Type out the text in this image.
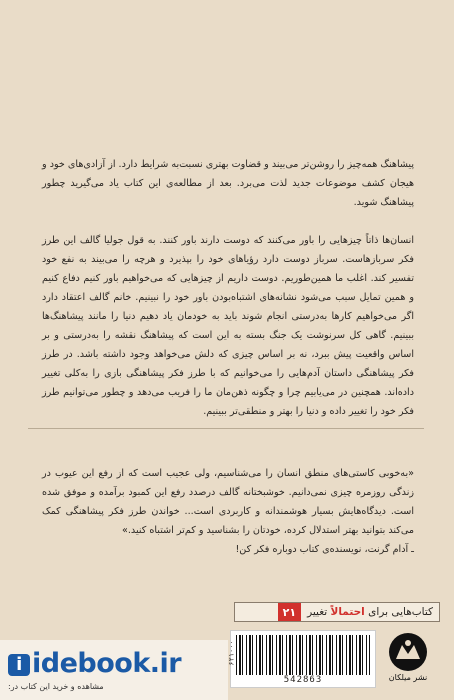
پیشاهنگ همه‌چیز را روشن‌تر می‌بیند و قضاوت بهتری نسبت‌به شرایط دارد. از آزادی‌های خود و هیجان کشف موضوعات جدید لذت می‌برد. بعد از مطالعه‌ی این کتاب یاد می‌گیرید چطور پیشاهنگ شوید.

انسان‌ها ذاتاً چیزهایی را باور می‌کنند که دوست دارند باور کنند. به قول جولیا گالف این طرز فکر سربازهاست. سرباز دوست دارد رؤیاهای خود را بپذیرد و هرچه را می‌بیند به نفع خود تفسیر کند. اغلب ما همین‌طوریم. دوست داریم از چیزهایی که می‌خواهیم باور کنیم دفاع کنیم و همین تمایل سبب می‌شود نشانه‌های اشتباه‌بودن باور خود را نبینیم. خانم گالف اعتقاد دارد اگر می‌خواهیم کارها به‌درستی انجام شوند باید به خودمان یاد دهیم دنیا را مانند پیشاهنگ‌ها ببینیم. گاهی کل سرنوشت یک جنگ بسته به این است که پیشاهنگ نقشه را به‌درستی و بر اساس واقعیت پیش ببرد، نه بر اساس چیزی که دلش می‌خواهد وجود داشته باشد. در طرز فکر پیشاهنگی داستان آدم‌هایی را می‌خوانیم که با طرز فکر پیشاهنگی بازی را به‌کلی تغییر داده‌اند. همچنین در می‌یابیم چرا و چگونه ذهن‌مان ما را فریب می‌دهد و چطور می‌توانیم طرز فکر خود را تغییر داده و دنیا را بهتر و منطقی‌تر ببینیم.

«به‌خوبی کاستی‌های منطق انسان را می‌شناسیم، ولی عجیب است که از رفع این عیوب در زندگی روزمره چیزی نمی‌دانیم. خوشبختانه گالف درصدد رفع این کمبود برآمده و موفق شده است. دیدگاه‌هایش بسیار هوشمندانه و کاربردی است... خواندن طرز فکر پیشاهنگی کمک می‌کند بتوانید بهتر استدلال کرده، خودتان را بشناسید و کم‌تر اشتباه کنید.»

ـ آدام گرنت، نویسنده‌ی کتاب دوباره فکر کن!

کتاب‌هایی برای احتمالاً تغییر
۲۱
542863
۶۲۱۰۰۰
نشر میلکان
i idebook.ir
مشاهده و خرید این کتاب در:
